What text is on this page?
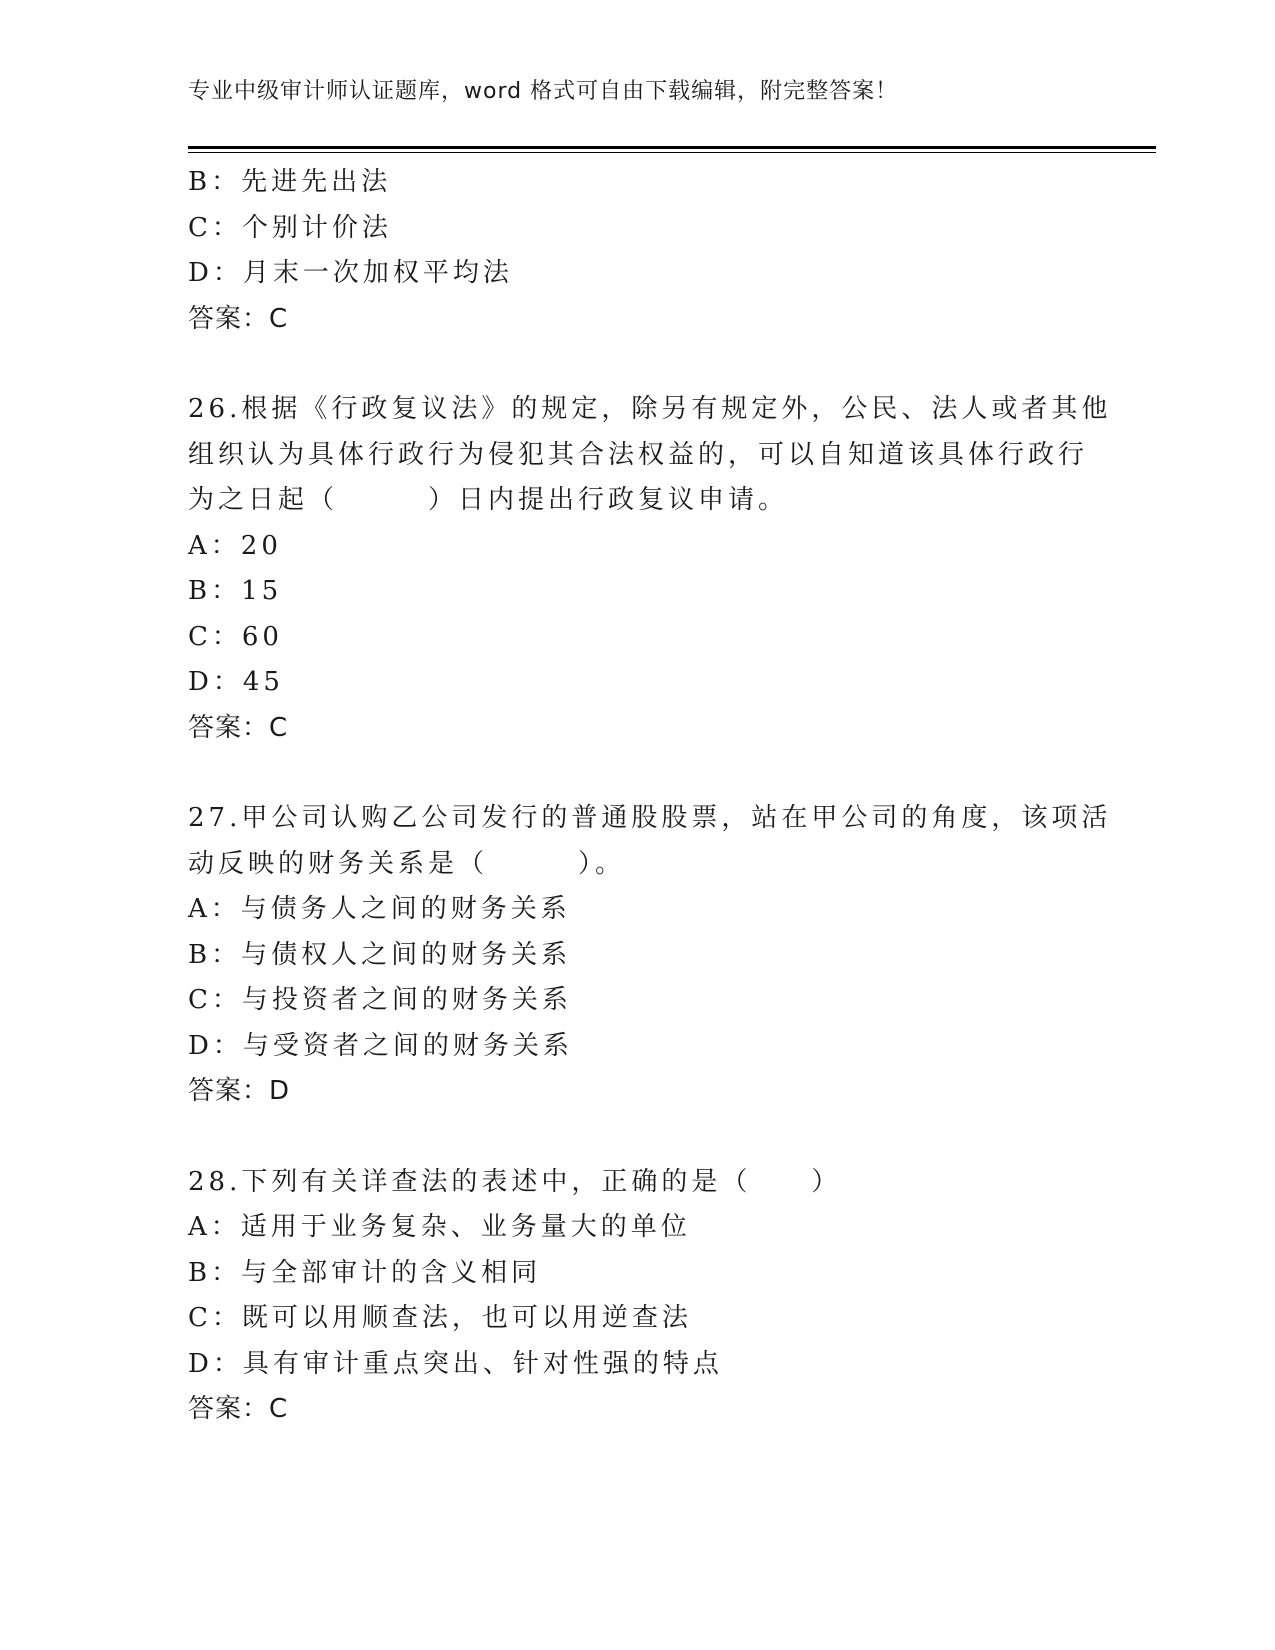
专业中级审计师认证题库，word 格式可自由下载编辑，附完整答案！
B：先进先出法
C：个别计价法
D：月末一次加权平均法
答案：C
26.根据《行政复议法》的规定，除另有规定外，公民、法人或者其他
组织认为具体行政行为侵犯其合法权益的，可以自知道该具体行政行
为之日起（　　　）日内提出行政复议申请。
A：20
B：15
C：60
D：45
答案：C
27.甲公司认购乙公司发行的普通股股票，站在甲公司的角度，该项活
动反映的财务关系是（　　　）。
A：与债务人之间的财务关系
B：与债权人之间的财务关系
C：与投资者之间的财务关系
D：与受资者之间的财务关系
答案：D
28.下列有关详查法的表述中，正确的是（　　）
A：适用于业务复杂、业务量大的单位
B：与全部审计的含义相同
C：既可以用顺查法，也可以用逆查法
D：具有审计重点突出、针对性强的特点
答案：C
